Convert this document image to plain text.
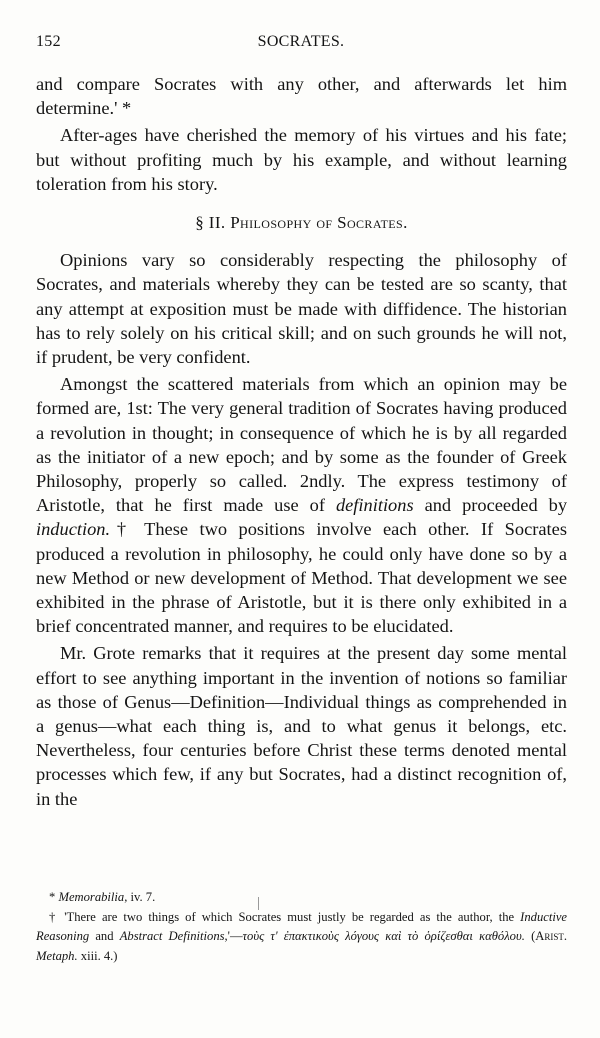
152	SOCRATES.

and compare Socrates with any other, and afterwards let him determine.' *

After-ages have cherished the memory of his virtues and his fate; but without profiting much by his example, and without learning toleration from his story.

§ II. Philosophy of Socrates.

Opinions vary so considerably respecting the philosophy of Socrates, and materials whereby they can be tested are so scanty, that any attempt at exposition must be made with diffidence. The historian has to rely solely on his critical skill; and on such grounds he will not, if prudent, be very confident.

Amongst the scattered materials from which an opinion may be formed are, 1st: The very general tradition of Socrates having produced a revolution in thought; in consequence of which he is by all regarded as the initiator of a new epoch; and by some as the founder of Greek Philosophy, properly so called. 2ndly. The express testimony of Aristotle, that he first made use of definitions and proceeded by induction.† These two positions involve each other. If Socrates produced a revolution in philosophy, he could only have done so by a new Method or new development of Method. That development we see exhibited in the phrase of Aristotle, but it is there only exhibited in a brief concentrated manner, and requires to be elucidated.

Mr. Grote remarks that it requires at the present day some mental effort to see anything important in the invention of notions so familiar as those of Genus—Definition—Individual things as comprehended in a genus—what each thing is, and to what genus it belongs, etc. Nevertheless, four centuries before Christ these terms denoted mental processes which few, if any but Socrates, had a distinct recognition of, in the

* Memorabilia, iv. 7.

† 'There are two things of which Socrates must justly be regarded as the author, the Inductive Reasoning and Abstract Definitions,'—τοὺς τ' ἐπακτικοὺς λόγους καὶ τὸ ὁρίζεσθαι καθόλου. (Arist. Metaph. xiii. 4.)
